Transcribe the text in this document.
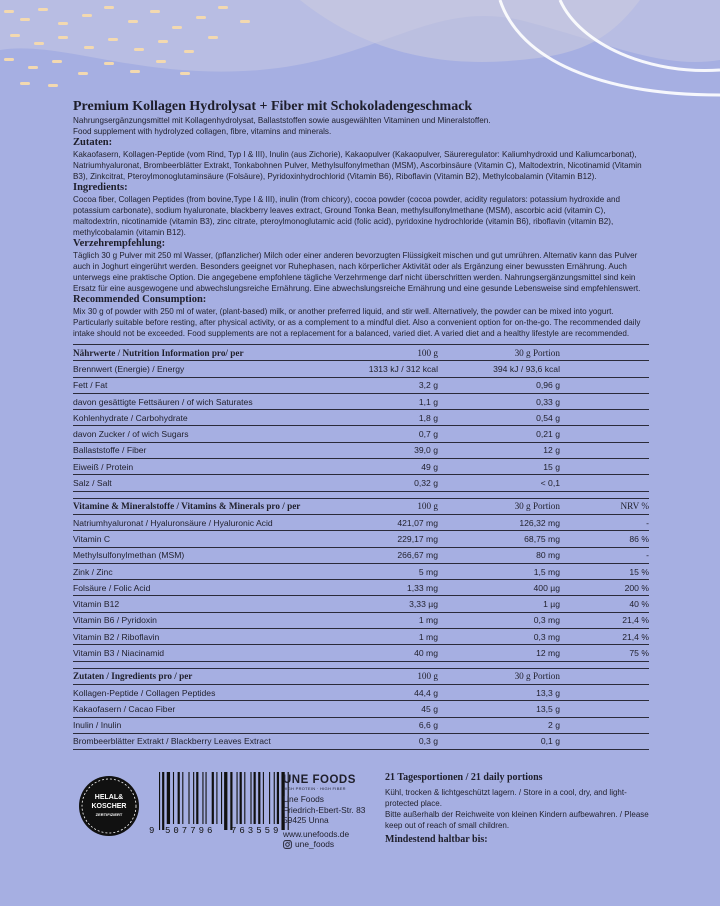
Premium Kollagen Hydrolysat + Fiber mit Schokoladengeschmack
Nahrungsergänzungsmittel mit Kollagenhydrolysat, Ballaststoffen sowie ausgewählten Vitaminen und Mineralstoffen.
Food supplement with hydrolyzed collagen, fibre, vitamins and minerals.
Zutaten:
Kakaofasern, Kollagen-Peptide (vom Rind, Typ I & III), Inulin (aus Zichorie), Kakaopulver (Kakaopulver, Säureregulator: Kaliumhydroxid und Kaliumcarbonat), Natriumhyaluronat, Brombeerblätter Extrakt, Tonkabohnen Pulver, Methylsulfonylmethan (MSM), Ascorbinsäure (Vitamin C), Maltodextrin, Nicotinamid (Vitamin B3), Zinkcitrat, Pteroylmonoglutaminsäure (Folsäure), Pyridoxinhydrochlorid (Vitamin B6), Riboflavin (Vitamin B2), Methylcobalamin (Vitamin B12).
Ingredients:
Cocoa fiber, Collagen Peptides (from bovine,Type I & III), inulin (from chicory), cocoa powder (cocoa powder, acidity regulators: potassium hydroxide and potassium carbonate), sodium hyaluronate, blackberry leaves extract, Ground Tonka Bean, methylsulfonylmethane (MSM), ascorbic acid (vitamin C), maltodextrin, nicotinamide (vitamin B3), zinc citrate, pteroylmonoglutamic acid (folic acid), pyridoxine hydrochloride (vitamin B6), riboflavin (vitamin B2), methylcobalamin (vitamin B12).
Verzehrempfehlung:
Täglich 30 g Pulver mit 250 ml Wasser, (pflanzlicher) Milch oder einer anderen bevorzugten Flüssigkeit mischen und gut umrühren. Alternativ kann das Pulver auch in Joghurt eingerührt werden. Besonders geeignet vor Ruhephasen, nach körperlicher Aktivität oder als Ergänzung einer bewussten Ernährung. Auch unterwegs eine praktische Option. Die angegebene empfohlene tägliche Verzehrmenge darf nicht überschritten werden. Nahrungsergänzungsmittel sind kein Ersatz für eine ausgewogene und abwechslungsreiche Ernährung. Eine abwechslungsreiche Ernährung und eine gesunde Lebensweise sind empfehlenswert.
Recommended Consumption:
Mix 30 g of powder with 250 ml of water, (plant-based) milk, or another preferred liquid, and stir well. Alternatively, the powder can be mixed into yogurt. Particularly suitable before resting, after physical activity, or as a complement to a mindful diet. Also a convenient option for on-the-go. The recommended daily intake should not be exceeded. Food supplements are not a replacement for a balanced, varied diet. A varied diet and a healthy lifestyle are recommended.
Nährwerte / Nutrition Information pro/ per	100 g	30 g Portion	
Brennwert (Energie) / Energy	1313 kJ / 312 kcal	394 kJ / 93,6 kcal	
Fett / Fat	3,2 g	0,96 g	
davon gesättigte Fettsäuren / of wich Saturates	1,1 g	0,33 g	
Kohlenhydrate / Carbohydrate	1,8 g	0,54 g	
davon Zucker / of wich Sugars	0,7 g	0,21 g	
Ballaststoffe / Fiber	39,0 g	12 g	
Eiweiß / Protein	49 g	15 g	
Salz / Salt	0,32 g	< 0,1	

Vitamine & Mineralstoffe / Vitamins & Minerals pro / per	100 g	30 g Portion	NRV %
Natriumhyaluronat / Hyaluronsäure / Hyaluronic Acid	421,07 mg	126,32 mg	-
Vitamin C	229,17 mg	68,75 mg	86 %
Methylsulfonylmethan (MSM)	266,67 mg	80 mg	-
Zink / Zinc	5 mg	1,5 mg	15 %
Folsäure / Folic Acid	1,33 mg	400 µg	200 %
Vitamin B12	3,33 µg	1 µg	40 %
Vitamin B6 / Pyridoxin	1 mg	0,3 mg	21,4 %
Vitamin B2 / Riboflavin	1 mg	0,3 mg	21,4 %
Vitamin B3 / Niacinamid	40 mg	12 mg	75 %

Zutaten / Ingredients pro / per	100 g	30 g Portion	
Kollagen-Peptide / Collagen Peptides	44,4 g	13,3 g	
Kakaofasern / Cacao Fiber	45 g	13,5 g	
Inulin / Inulin	6,6 g	2 g	
Brombeerblätter Extrakt / Blackberry Leaves Extract	0,3 g	0,1 g	
HELAL&
KOSCHER
ZERTIFIZIERT
9	507796	763559
UNE FOODS
HIGH PROTEIN · HIGH FIBER
Une Foods
Friedrich-Ebert-Str. 83
59425 Unna
www.unefoods.de
une_foods
21 Tagesportionen / 21 daily portions
Kühl, trocken & lichtgeschützt lagern. / Store in a cool, dry, and light-protected place.
Bitte außerhalb der Reichweite von kleinen Kindern aufbewahren. / Please keep out of reach of small children.
Mindestend haltbar bis:
